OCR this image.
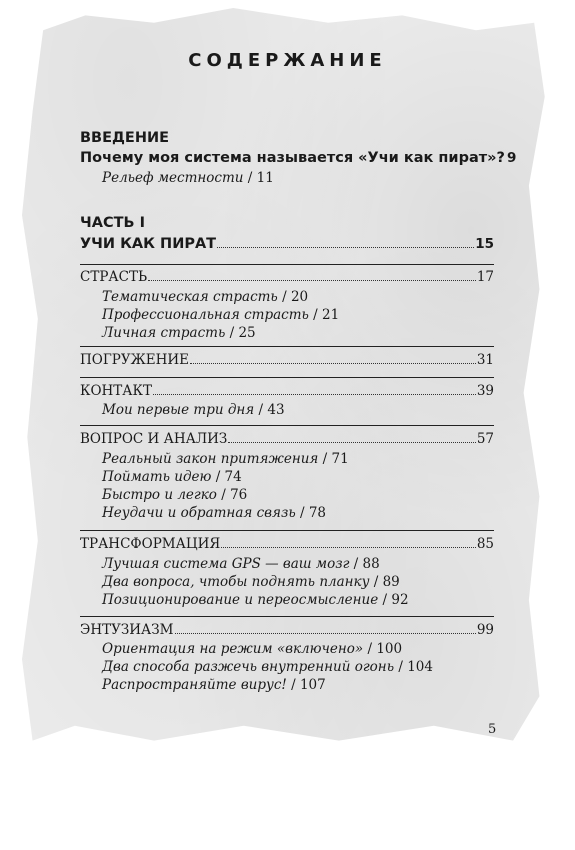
СОДЕРЖАНИЕ
ВВЕДЕНИЕ
Почему моя система называется «Учи как пират»? 9
Рельеф местности / 11
ЧАСТЬ I
УЧИ КАК ПИРАТ	15
СТРАСТЬ	17
Тематическая страсть / 20
Профессиональная страсть / 21
Личная страсть / 25
ПОГРУЖЕНИЕ	31
КОНТАКТ	39
Мои первые три дня / 43
ВОПРОС И АНАЛИЗ	57
Реальный закон притяжения / 71
Поймать идею / 74
Быстро и легко / 76
Неудачи и обратная связь / 78
ТРАНСФОРМАЦИЯ	85
Лучшая система GPS — ваш мозг / 88
Два вопроса, чтобы поднять планку / 89
Позиционирование и переосмысление / 92
ЭНТУЗИАЗМ	99
Ориентация на режим «включено» / 100
Два способа разжечь внутренний огонь / 104
Распространяйте вирус! / 107
5
